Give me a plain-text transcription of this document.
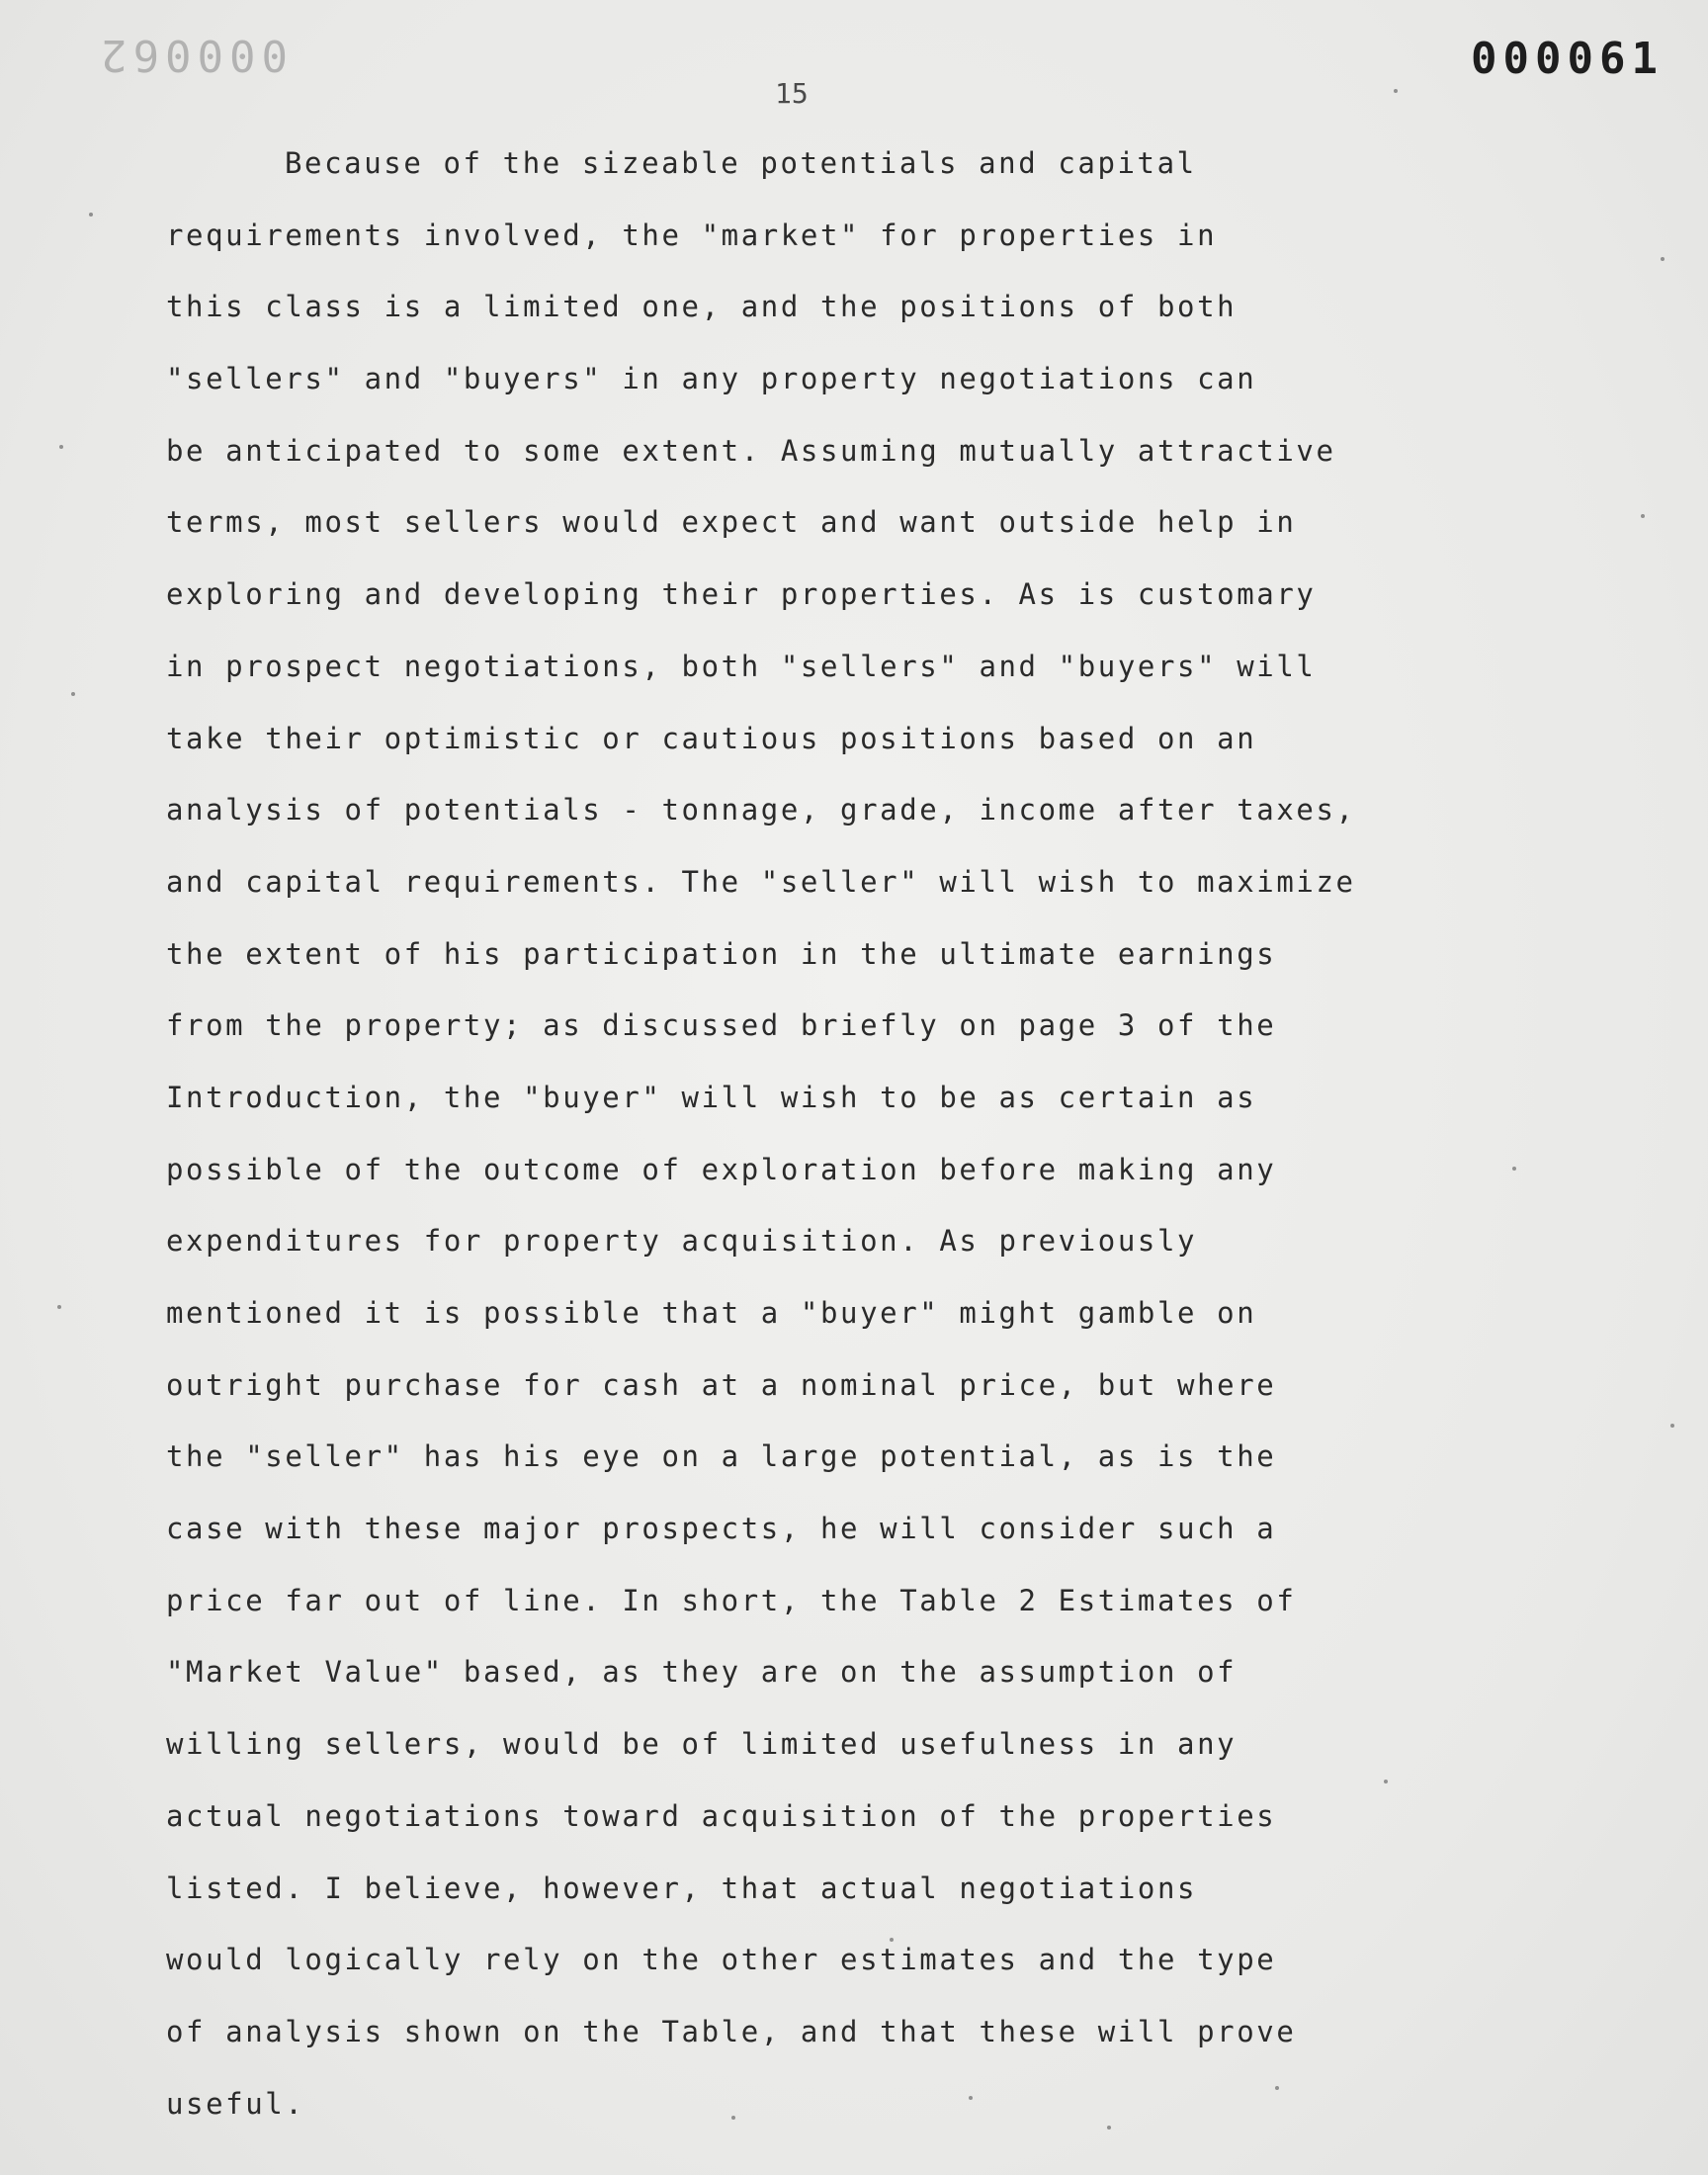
000062	000061
15
Because of the sizeable potentials and capital
requirements involved, the "market" for properties in
this class is a limited one, and the positions of both
"sellers" and "buyers" in any property negotiations can
be anticipated to some extent. Assuming mutually attractive
terms, most sellers would expect and want outside help in
exploring and developing their properties. As is customary
in prospect negotiations, both "sellers" and "buyers" will
take their optimistic or cautious positions based on an
analysis of potentials - tonnage, grade, income after taxes,
and capital requirements. The "seller" will wish to maximize
the extent of his participation in the ultimate earnings
from the property; as discussed briefly on page 3 of the
Introduction, the "buyer" will wish to be as certain as
possible of the outcome of exploration before making any
expenditures for property acquisition. As previously
mentioned it is possible that a "buyer" might gamble on
outright purchase for cash at a nominal price, but where
the "seller" has his eye on a large potential, as is the
case with these major prospects, he will consider such a
price far out of line. In short, the Table 2 Estimates of
"Market Value" based, as they are on the assumption of
willing sellers, would be of limited usefulness in any
actual negotiations toward acquisition of the properties
listed. I believe, however, that actual negotiations
would logically rely on the other estimates and the type
of analysis shown on the Table, and that these will prove
useful.
